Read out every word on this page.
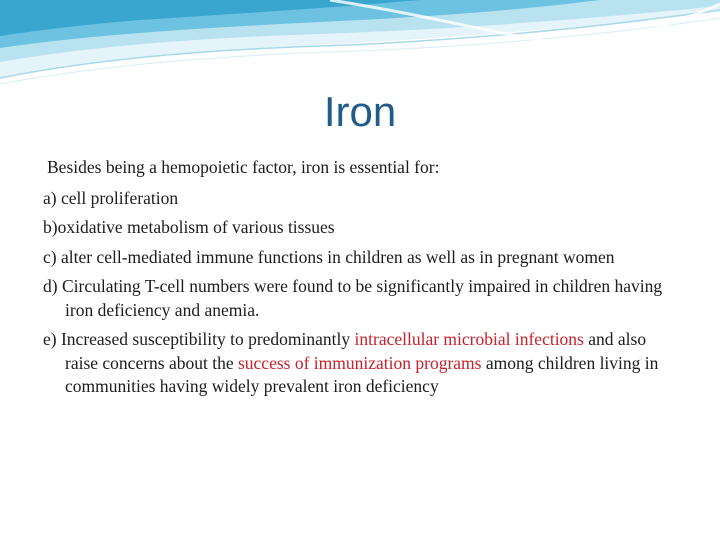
Iron

Besides being a hemopoietic factor, iron is essential for:

a) cell proliferation

b)oxidative metabolism of various tissues

c) alter cell-mediated immune functions in children as well as in pregnant women

d) Circulating T-cell numbers were found to be significantly impaired in children having iron deficiency and anemia.

e) Increased susceptibility to predominantly intracellular microbial infections and also raise concerns about the success of immunization programs among children living in communities having widely prevalent iron deficiency
